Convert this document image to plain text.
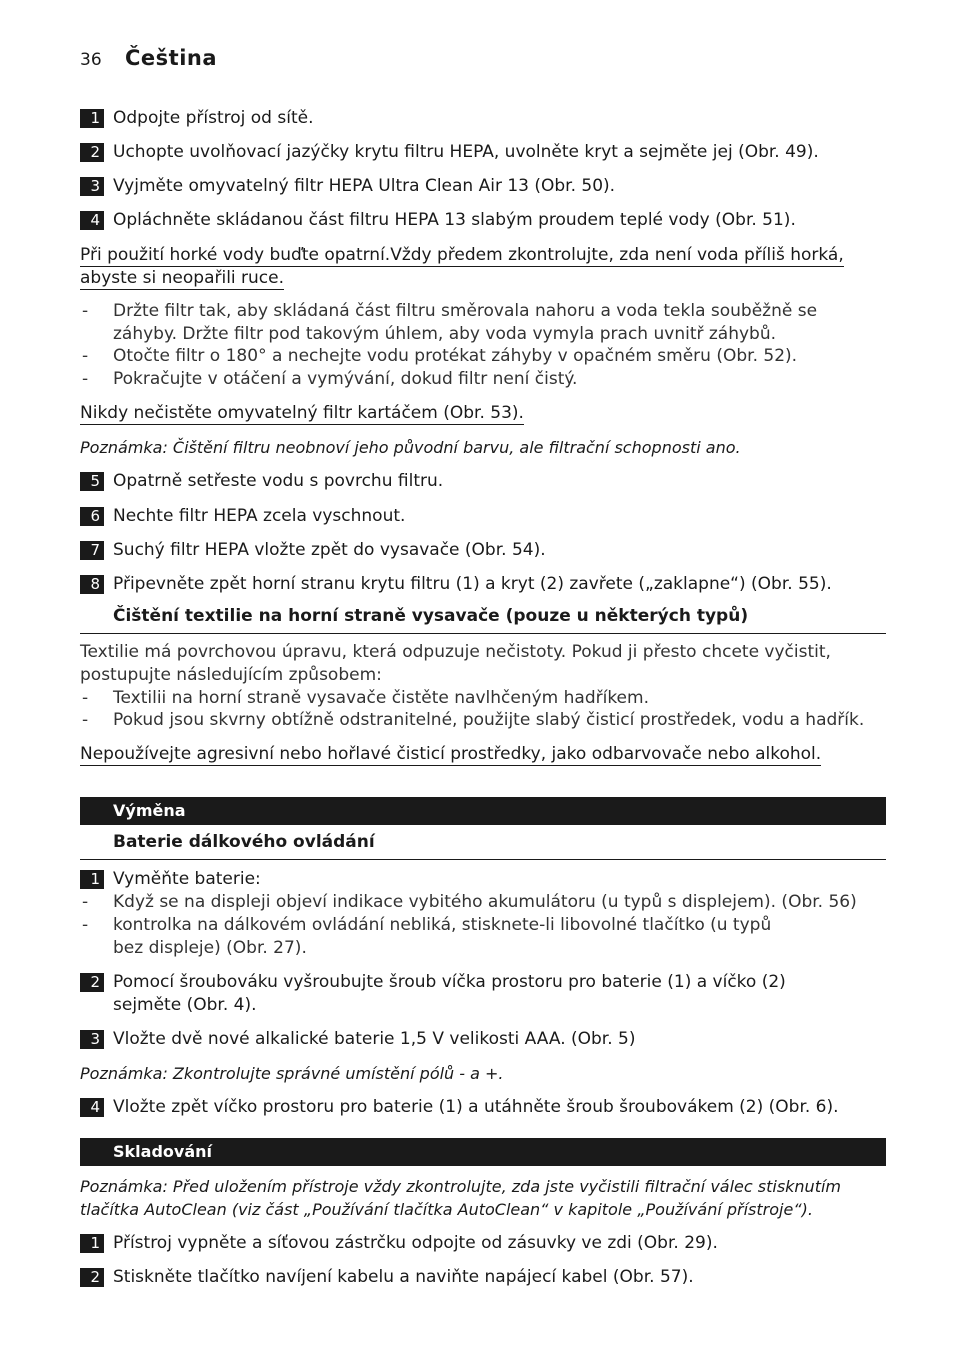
36 Čeština
1 Odpojte přístroj od sítě.
2 Uchopte uvolňovací jazýčky krytu filtru HEPA, uvolněte kryt a sejměte jej (Obr. 49).
3 Vyjměte omyvatelný filtr HEPA Ultra Clean Air 13 (Obr. 50).
4 Opláchněte skládanou část filtru HEPA 13 slabým proudem teplé vody (Obr. 51).
Při použití horké vody buďte opatrní.Vždy předem zkontrolujte, zda není voda příliš horká,
abyste si neopařili ruce.
- Držte filtr tak, aby skládaná část filtru směrovala nahoru a voda tekla souběžně se záhyby. Držte filtr pod takovým úhlem, aby voda vymyla prach uvnitř záhybů.
- Otočte filtr o 180° a nechejte vodu protékat záhyby v opačném směru (Obr. 52).
- Pokračujte v otáčení a vymývání, dokud filtr není čistý.
Nikdy nečistěte omyvatelný filtr kartáčem (Obr. 53).
Poznámka: Čištění filtru neobnoví jeho původní barvu, ale filtrační schopnosti ano.
5 Opatrně setřeste vodu s povrchu filtru.
6 Nechte filtr HEPA zcela vyschnout.
7 Suchý filtr HEPA vložte zpět do vysavače (Obr. 54).
8 Připevněte zpět horní stranu krytu filtru (1) a kryt (2) zavřete („zaklapne“) (Obr. 55).
Čištění textilie na horní straně vysavače (pouze u některých typů)
Textilie má povrchovou úpravu, která odpuzuje nečistoty. Pokud ji přesto chcete vyčistit, postupujte následujícím způsobem:
- Textilii na horní straně vysavače čistěte navlhčeným hadříkem.
- Pokud jsou skvrny obtížně odstranitelné, použijte slabý čisticí prostředek, vodu a hadřík.
Nepoužívejte agresivní nebo hořlavé čisticí prostředky, jako odbarvovače nebo alkohol.
Výměna
Baterie dálkového ovládání
1 Vyměňte baterie:
- Když se na displeji objeví indikace vybitého akumulátoru (u typů s displejem). (Obr. 56)
- kontrolka na dálkovém ovládání nebliká, stisknete-li libovolné tlačítko (u typů bez displeje) (Obr. 27).
2 Pomocí šroubováku vyšroubujte šroub víčka prostoru pro baterie (1) a víčko (2) sejměte (Obr. 4).
3 Vložte dvě nové alkalické baterie 1,5 V velikosti AAA. (Obr. 5)
Poznámka: Zkontrolujte správné umístění pólů - a +.
4 Vložte zpět víčko prostoru pro baterie (1) a utáhněte šroub šroubovákem (2) (Obr. 6).
Skladování
Poznámka: Před uložením přístroje vždy zkontrolujte, zda jste vyčistili filtrační válec stisknutím tlačítka AutoClean (viz část „Používání tlačítka AutoClean“ v kapitole „Používání přístroje“).
1 Přístroj vypněte a síťovou zástrčku odpojte od zásuvky ve zdi (Obr. 29).
2 Stiskněte tlačítko navíjení kabelu a naviňte napájecí kabel (Obr. 57).
